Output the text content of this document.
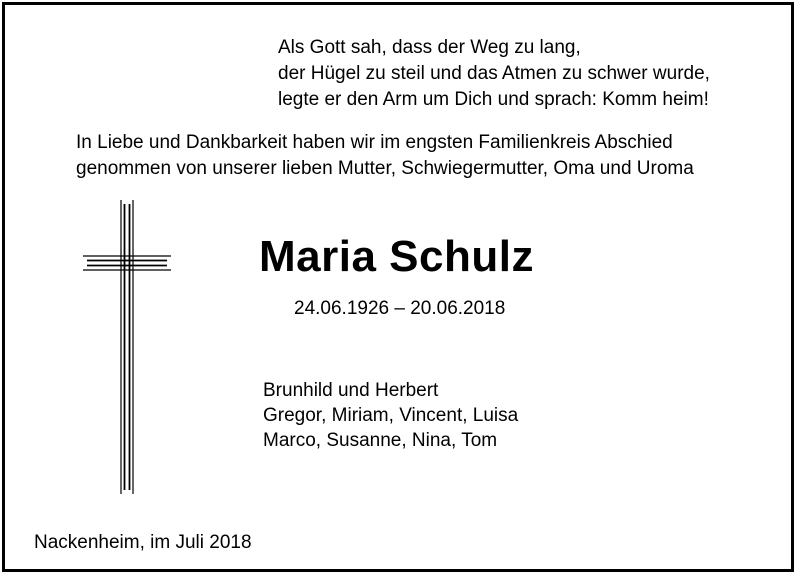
Als Gott sah, dass der Weg zu lang,
der Hügel zu steil und das Atmen zu schwer wurde,
legte er den Arm um Dich und sprach: Komm heim!
In Liebe und Dankbarkeit haben wir im engsten Familienkreis Abschied
genommen von unserer lieben Mutter, Schwiegermutter, Oma und Uroma
Maria Schulz
24.06.1926 – 20.06.2018
Brunhild und Herbert
Gregor, Miriam, Vincent, Luisa
Marco, Susanne, Nina, Tom
Nackenheim, im Juli 2018
